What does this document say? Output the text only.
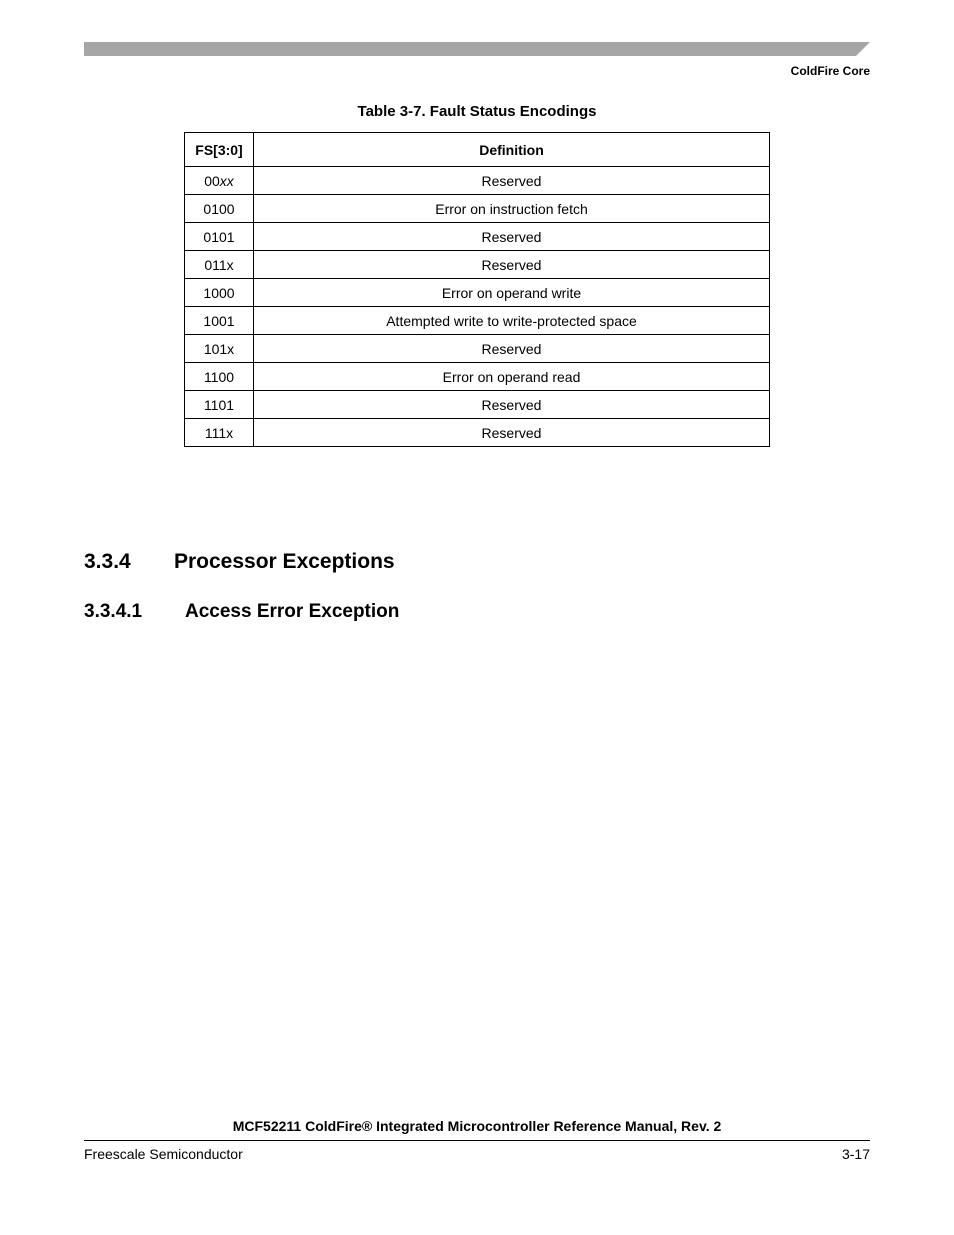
ColdFire Core
Table 3-7. Fault Status Encodings
FS[3:0]	Definition
00xx	Reserved
0100	Error on instruction fetch
0101	Reserved
011x	Reserved
1000	Error on operand write
1001	Attempted write to write-protected space
101x	Reserved
1100	Error on operand read
1101	Reserved
111x	Reserved
3.3.4 Processor Exceptions
3.3.4.1 Access Error Exception
MCF52211 ColdFire® Integrated Microcontroller Reference Manual, Rev. 2
Freescale Semiconductor	3-17
